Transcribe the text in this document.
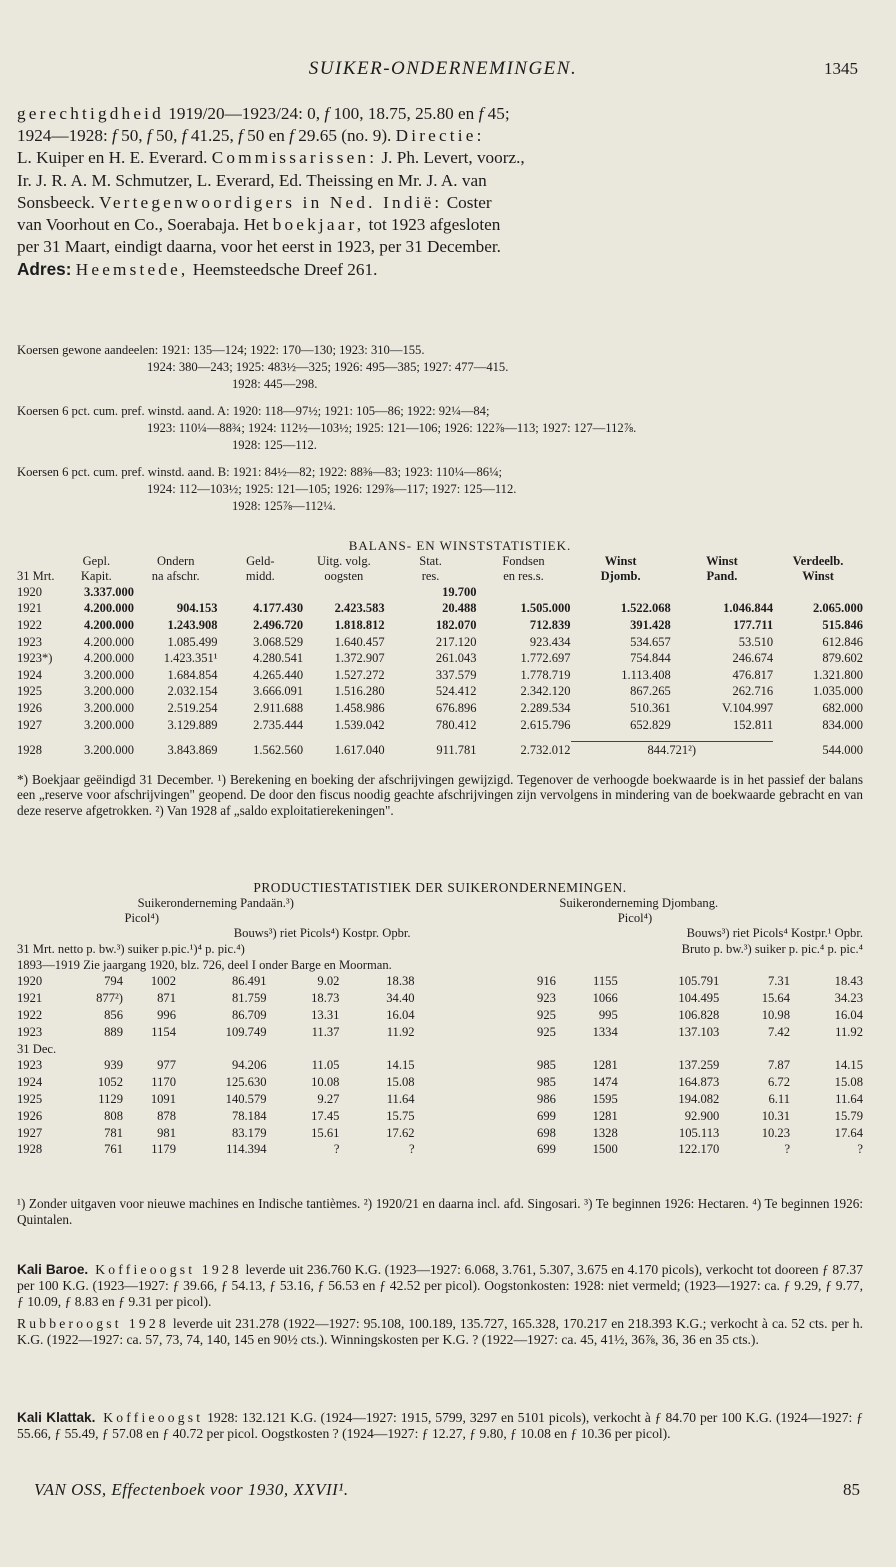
SUIKER-ONDERNEMINGEN.	1345

gerechtigdheid 1919/20—1923/24: 0, f 100, 18.75, 25.80 en f 45;

1924—1928: f 50, f 50, f 41.25, f 50 en f 29.65 (no. 9). Directie:

L. Kuiper en H. E. Everard. Commissarissen: J. Ph. Levert, voorz.,

Ir. J. R. A. M. Schmutzer, L. Everard, Ed. Theissing en Mr. J. A. van

Sonsbeeck. Vertegenwoordigers in Ned. Indië: Coster

van Voorhout en Co., Soerabaja. Het boekjaar, tot 1923 afgesloten

per 31 Maart, eindigt daarna, voor het eerst in 1923, per 31 December.

Adres: Heemstede, Heemsteedsche Dreef 261.

Koersen gewone aandeelen: 1921: 135—124; 1922: 170—130; 1923: 310—155.
1924: 380—243; 1925: 483½—325; 1926: 495—385; 1927: 477—415.
1928: 445—298.
Koersen 6 pct. cum. pref. winstd. aand. A: 1920: 118—97½; 1921: 105—86; 1922: 92¼—84;
1923: 110¼—88¾; 1924: 112½—103½; 1925: 121—106; 1926: 122⅞—113; 1927: 127—112⅞.
1928: 125—112.
Koersen 6 pct. cum. pref. winstd. aand. B: 1921: 84½—82; 1922: 88⅜—83; 1923: 110¼—86¼;
1924: 112—103½; 1925: 121—105; 1926: 129⅞—117; 1927: 125—112.
1928: 125⅞—112¼.
BALANS- EN WINSTSTATISTIEK.
	Gepl.	Ondern	Geld-	Uitg. volg.	Stat.	Fondsen	Winst	Winst	Verdeelb.
31 Mrt.	Kapit.	na afschr.	midd.	oogsten	res.	en res.s.	Djomb.	Pand.	Winst
1920	3.337.000				19.700				
1921	4.200.000	904.153	4.177.430	2.423.583	20.488	1.505.000	1.522.068	1.046.844	2.065.000
1922	4.200.000	1.243.908	2.496.720	1.818.812	182.070	712.839	391.428	177.711	515.846
1923	4.200.000	1.085.499	3.068.529	1.640.457	217.120	923.434	534.657	53.510	612.846
1923*)	4.200.000	1.423.351¹	4.280.541	1.372.907	261.043	1.772.697	754.844	246.674	879.602
1924	3.200.000	1.684.854	4.265.440	1.527.272	337.579	1.778.719	1.113.408	476.817	1.321.800
1925	3.200.000	2.032.154	3.666.091	1.516.280	524.412	2.342.120	867.265	262.716	1.035.000
1926	3.200.000	2.519.254	2.911.688	1.458.986	676.896	2.289.534	510.361	V.104.997	682.000
1927	3.200.000	3.129.889	2.735.444	1.539.042	780.412	2.615.796	652.829	152.811	834.000

1928	3.200.000	3.843.869	1.562.560	1.617.040	911.781	2.732.012	844.721²)		544.000

*) Boekjaar geëindigd 31 December. ¹) Berekening en boeking der afschrijvingen gewijzigd. Tegenover de verhoogde boekwaarde is in het passief der balans een „reserve voor afschrijvingen" geopend. De door den fiscus noodig geachte afschrijvingen zijn vervolgens in mindering van de boekwaarde gebracht en van deze reserve afgetrokken. ²) Van 1928 af „saldo exploitatierekeningen".

PRODUCTIESTATISTIEK DER SUIKERONDERNEMINGEN.
Suikeronderneming Pandaän.³)						Suikeronderneming Djombang.				
Picol⁴)								Picol⁴)		
Bouws³) riet Picols⁴) Kostpr. Opbr.						Bouws³) riet Picols⁴ Kostpr.¹ Opbr.				
31 Mrt. netto p. bw.³) suiker p.pic.¹)⁴ p. pic.⁴)						Bruto p. bw.³) suiker p. pic.⁴ p. pic.⁴				
1893—1919 Zie jaargang 1920, blz. 726, deel I onder Barge en Moorman.										
1920	794	1002	86.491	9.02	18.38	916	1155	105.791	7.31	18.43
1921	877²)	871	81.759	18.73	34.40	923	1066	104.495	15.64	34.23
1922	856	996	86.709	13.31	16.04	925	995	106.828	10.98	16.04
1923	889	1154	109.749	11.37	11.92	925	1334	137.103	7.42	11.92
31 Dec.										
1923	939	977	94.206	11.05	14.15	985	1281	137.259	7.87	14.15
1924	1052	1170	125.630	10.08	15.08	985	1474	164.873	6.72	15.08
1925	1129	1091	140.579	9.27	11.64	986	1595	194.082	6.11	11.64
1926	808	878	78.184	17.45	15.75	699	1281	92.900	10.31	15.79
1927	781	981	83.179	15.61	17.62	698	1328	105.113	10.23	17.64
1928	761	1179	114.394	?	?	699	1500	122.170	?	?

¹) Zonder uitgaven voor nieuwe machines en Indische tantièmes. ²) 1920/21 en daarna incl. afd. Singosari. ³) Te beginnen 1926: Hectaren. ⁴) Te beginnen 1926: Quintalen.

Kali Baroe. Koffieoogst 1928 leverde uit 236.760 K.G. (1923—1927: 6.068, 3.761, 5.307, 3.675 en 4.170 picols), verkocht tot dooreen ƒ 87.37 per 100 K.G. (1923—1927: ƒ 39.66, ƒ 54.13, ƒ 53.16, ƒ 56.53 en ƒ 42.52 per picol). Oogstonkosten: 1928: niet vermeld; (1923—1927: ca. ƒ 9.29, ƒ 9.77, ƒ 10.09, ƒ 8.83 en ƒ 9.31 per picol).

Rubberoogst 1928 leverde uit 231.278 (1922—1927: 95.108, 100.189, 135.727, 165.328, 170.217 en 218.393 K.G.; verkocht à ca. 52 cts. per h. K.G. (1922—1927: ca. 57, 73, 74, 140, 145 en 90½ cts.). Winningskosten per K.G. ? (1922—1927: ca. 45, 41½, 36⅞, 36, 36 en 35 cts.).

Kali Klattak. Koffieoogst 1928: 132.121 K.G. (1924—1927: 1915, 5799, 3297 en 5101 picols), verkocht à ƒ 84.70 per 100 K.G. (1924—1927: ƒ 55.66, ƒ 55.49, ƒ 57.08 en ƒ 40.72 per picol. Oogstkosten ? (1924—1927: ƒ 12.27, ƒ 9.80, ƒ 10.08 en ƒ 10.36 per picol).

VAN OSS, Effectenboek voor 1930, XXVII¹.	85
